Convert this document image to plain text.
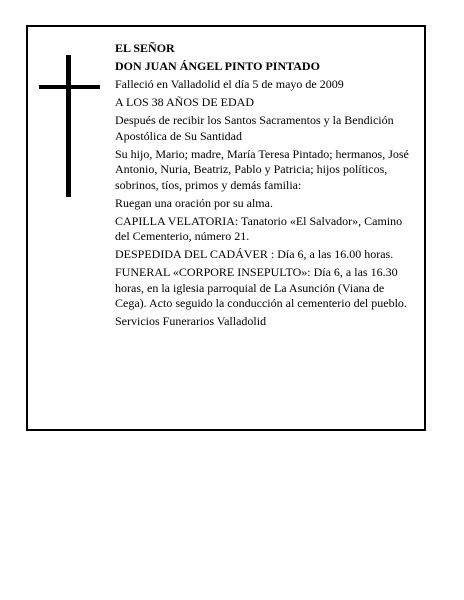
EL SEÑOR

DON JUAN ÁNGEL PINTO PINTADO

Falleció en Valladolid el día 5 de mayo de 2009

A LOS 38 AÑOS DE EDAD

Después de recibir los Santos Sacramentos y la Bendición Apostólica de Su Santidad

Su hijo, Mario; madre, María Teresa Pintado; hermanos, José Antonio, Nuria, Beatriz, Pablo y Patricia; hijos políticos, sobrinos, tíos, primos y demás familia:

Ruegan una oración por su alma.

CAPILLA VELATORIA: Tanatorio «El Salvador», Camino del Cementerio, número 21.

DESPEDIDA DEL CADÁVER : Día 6, a las 16.00 horas.

FUNERAL «CORPORE INSEPULTO»: Día 6, a las 16.30 horas, en la iglesia parroquial de La Asunción (Viana de Cega). Acto seguido la conducción al cementerio del pueblo.

Servicios Funerarios Valladolid
